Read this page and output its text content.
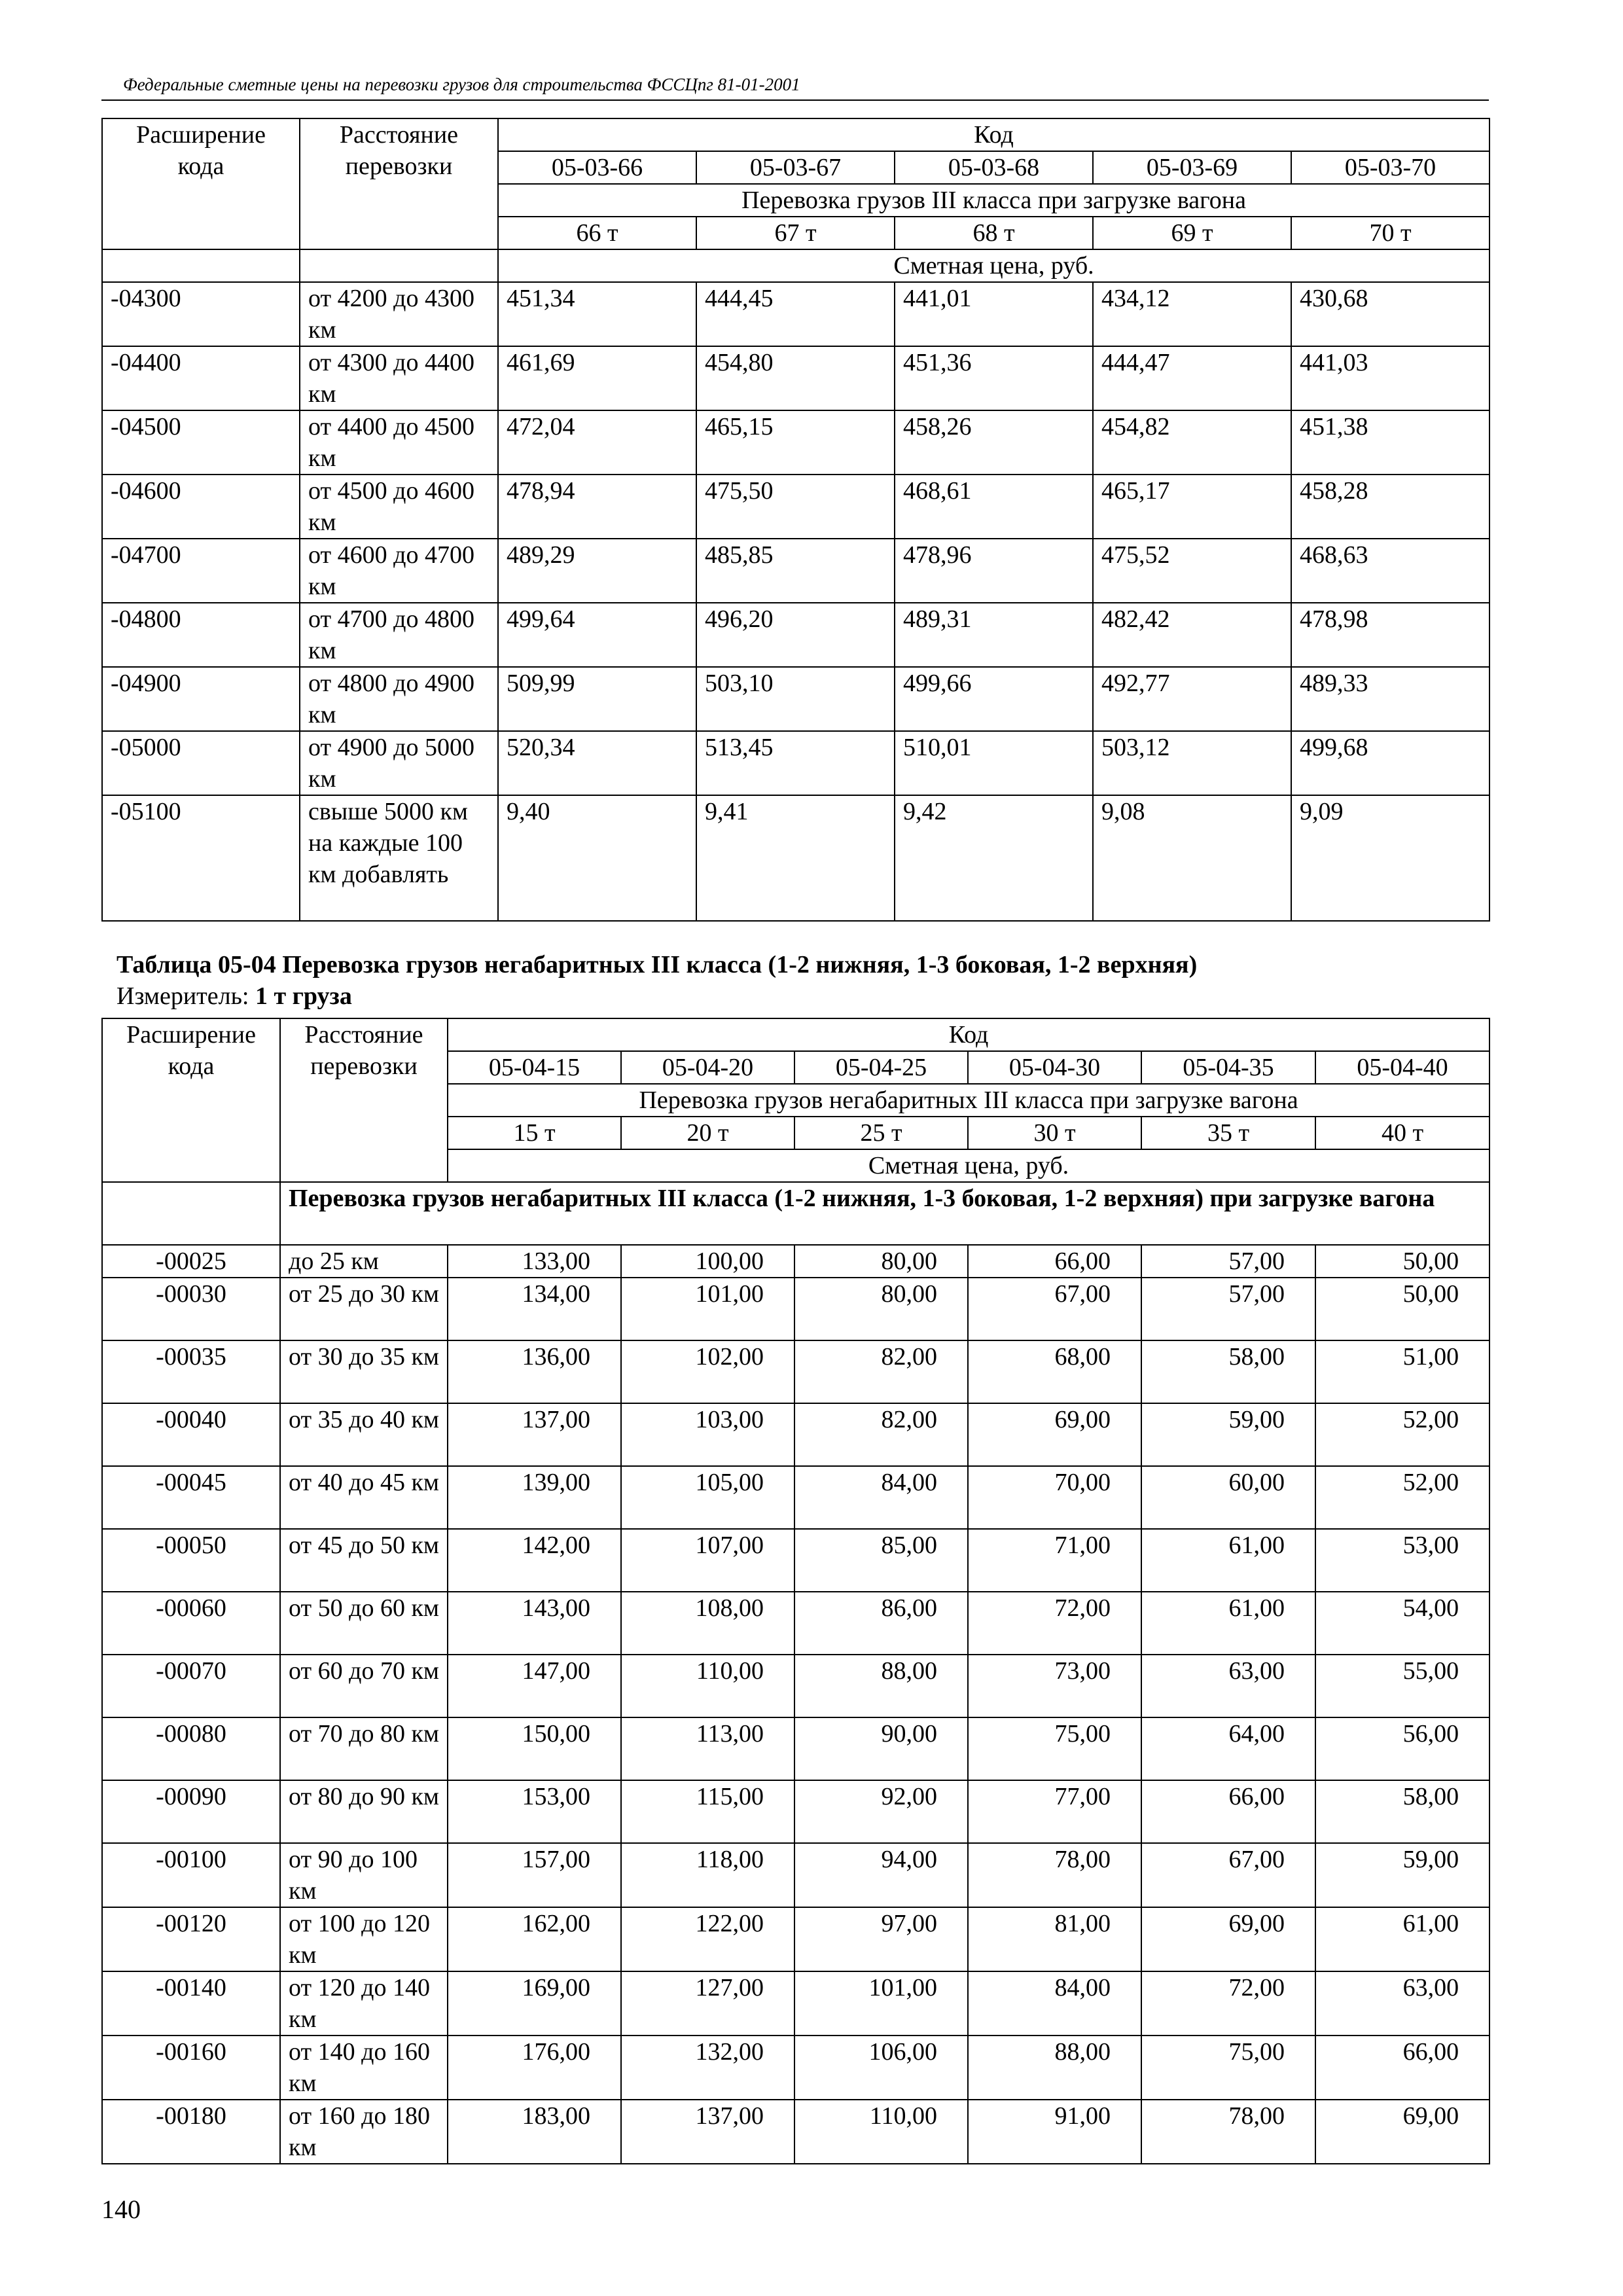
Федеральные сметные цены на перевозки грузов для строительства ФССЦпг 81-01-2001
Расширение кода	Расстояние перевозки	Код				
		05-03-66	05-03-67	05-03-68	05-03-69	05-03-70
		Перевозка грузов III класса при загрузке вагона				
		66 т	67 т	68 т	69 т	70 т
		Сметная цена, руб.				
-04300	от 4200 до 4300 км	451,34	444,45	441,01	434,12	430,68
-04400	от 4300 до 4400 км	461,69	454,80	451,36	444,47	441,03
-04500	от 4400 до 4500 км	472,04	465,15	458,26	454,82	451,38
-04600	от 4500 до 4600 км	478,94	475,50	468,61	465,17	458,28
-04700	от 4600 до 4700 км	489,29	485,85	478,96	475,52	468,63
-04800	от 4700 до 4800 км	499,64	496,20	489,31	482,42	478,98
-04900	от 4800 до 4900 км	509,99	503,10	499,66	492,77	489,33
-05000	от 4900 до 5000 км	520,34	513,45	510,01	503,12	499,68
-05100	свыше 5000 км на каждые 100 км добавлять	9,40	9,41	9,42	9,08	9,09
Таблица 05-04 Перевозка грузов негабаритных III класса (1-2 нижняя, 1-3 боковая, 1-2 верхняя)
Измеритель: 1 т груза
Расширение кода	Расстояние перевозки	Код					
		05-04-15	05-04-20	05-04-25	05-04-30	05-04-35	05-04-40
		Перевозка грузов негабаритных III класса при загрузке вагона					
		15 т	20 т	25 т	30 т	35 т	40 т
		Сметная цена, руб.					
	Перевозка грузов негабаритных III класса (1-2 нижняя, 1-3 боковая, 1-2 верхняя) при загрузке вагона						
-00025	до 25 км	133,00	100,00	80,00	66,00	57,00	50,00
-00030	от 25 до 30 км	134,00	101,00	80,00	67,00	57,00	50,00
-00035	от 30 до 35 км	136,00	102,00	82,00	68,00	58,00	51,00
-00040	от 35 до 40 км	137,00	103,00	82,00	69,00	59,00	52,00
-00045	от 40 до 45 км	139,00	105,00	84,00	70,00	60,00	52,00
-00050	от 45 до 50 км	142,00	107,00	85,00	71,00	61,00	53,00
-00060	от 50 до 60 км	143,00	108,00	86,00	72,00	61,00	54,00
-00070	от 60 до 70 км	147,00	110,00	88,00	73,00	63,00	55,00
-00080	от 70 до 80 км	150,00	113,00	90,00	75,00	64,00	56,00
-00090	от 80 до 90 км	153,00	115,00	92,00	77,00	66,00	58,00
-00100	от 90 до 100 км	157,00	118,00	94,00	78,00	67,00	59,00
-00120	от 100 до 120 км	162,00	122,00	97,00	81,00	69,00	61,00
-00140	от 120 до 140 км	169,00	127,00	101,00	84,00	72,00	63,00
-00160	от 140 до 160 км	176,00	132,00	106,00	88,00	75,00	66,00
-00180	от 160 до 180 км	183,00	137,00	110,00	91,00	78,00	69,00
140
